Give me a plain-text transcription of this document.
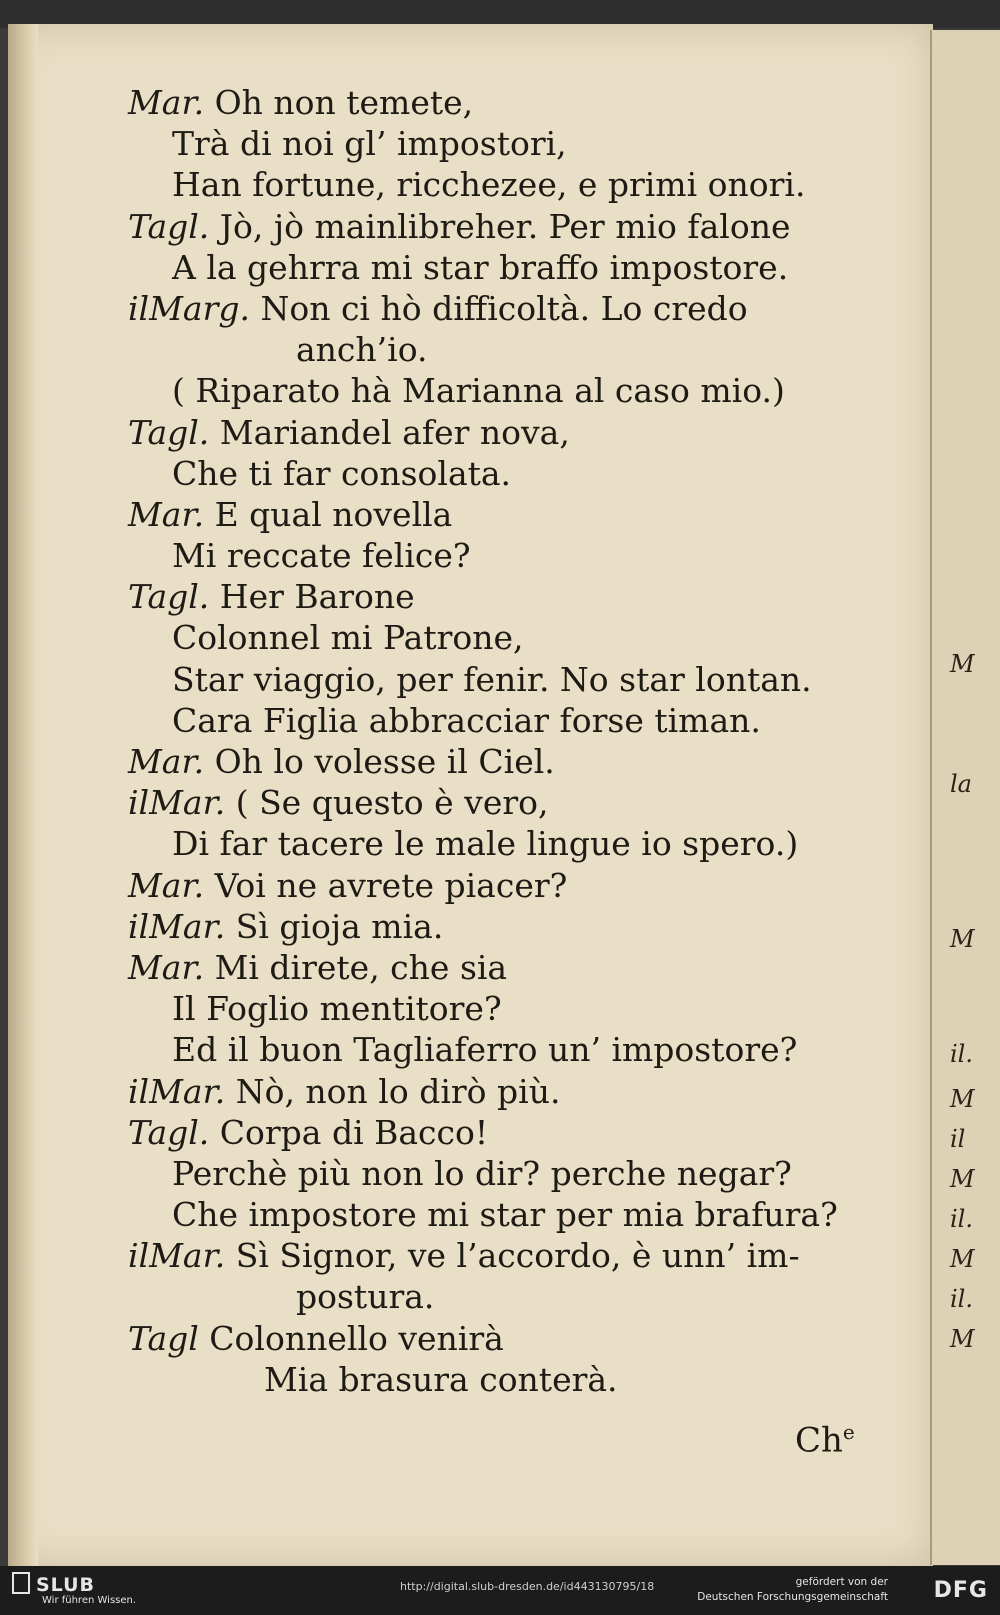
M
la
M
il.
M
il
M
il.
M
il.
M
Mar. Oh non temete,
Trà di noi gl’ impostori,
Han fortune, ricchezee, e primi onori.
Tagl. Jò, jò mainlibreher. Per mio falone
A la gehrra mi star braffo impostore.
ilMarg. Non ci hò difficoltà. Lo credo
anch’io.
( Riparato hà Marianna al caso mio.)
Tagl. Mariandel afer nova,
Che ti far consolata.
Mar. E qual novella
Mi reccate felice?
Tagl. Her Barone
Colonnel mi Patrone,
Star viaggio, per fenir. No star lontan.
Cara Figlia abbracciar forse timan.
Mar. Oh lo volesse il Ciel.
ilMar. ( Se questo è vero,
Di far tacere le male lingue io spero.)
Mar. Voi ne avrete piacer?
ilMar. Sì gioja mia.
Mar. Mi direte, che sia
Il Foglio mentitore?
Ed il buon Tagliaferro un’ impostore?
ilMar. Nò, non lo dirò più.
Tagl. Corpa di Bacco!
Perchè più non lo dir? perche negar?
Che impostore mi star per mia brafura?
ilMar. Sì Signor, ve l’accordo, è unn’ im-
postura.
Tagl Colonnello venirà
Mia brasura conterà.
Ch$^e$
SLUB
Wir führen Wissen.
http://digital.slub-dresden.de/id443130795/18	gefördert von der
Deutschen Forschungsgemeinschaft DFG
